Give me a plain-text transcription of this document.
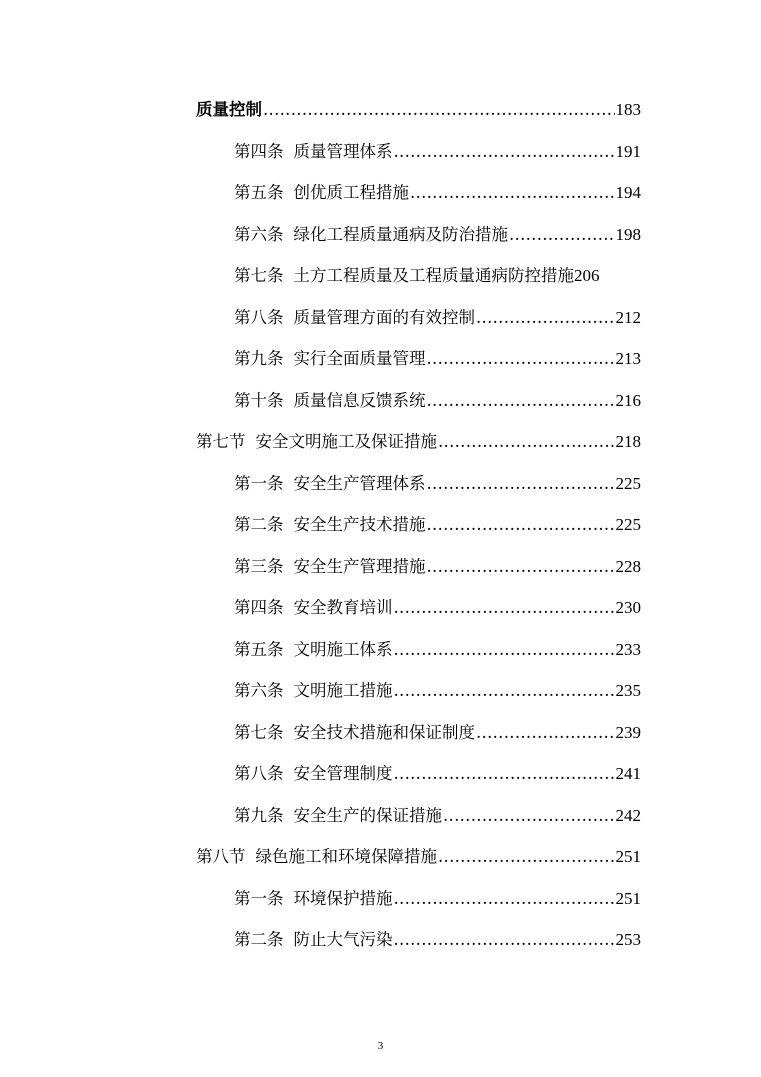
质量控制 .....	183
第四条 质量管理体系 .....	191
第五条 创优质工程措施 .....	194
第六条 绿化工程质量通病及防治措施 .....	198
第七条 土方工程质量及工程质量通病防控措施 206
第八条 质量管理方面的有效控制 .....	212
第九条 实行全面质量管理 .....	213
第十条 质量信息反馈系统 .....	216
第七节 安全文明施工及保证措施 .....	218
第一条 安全生产管理体系 .....	225
第二条 安全生产技术措施 .....	225
第三条 安全生产管理措施 .....	228
第四条 安全教育培训 .....	230
第五条 文明施工体系 .....	233
第六条 文明施工措施 .....	235
第七条 安全技术措施和保证制度 .....	239
第八条 安全管理制度 .....	241
第九条 安全生产的保证措施 .....	242
第八节 绿色施工和环境保障措施 .....	251
第一条 环境保护措施 .....	251
第二条 防止大气污染 .....	253
3
